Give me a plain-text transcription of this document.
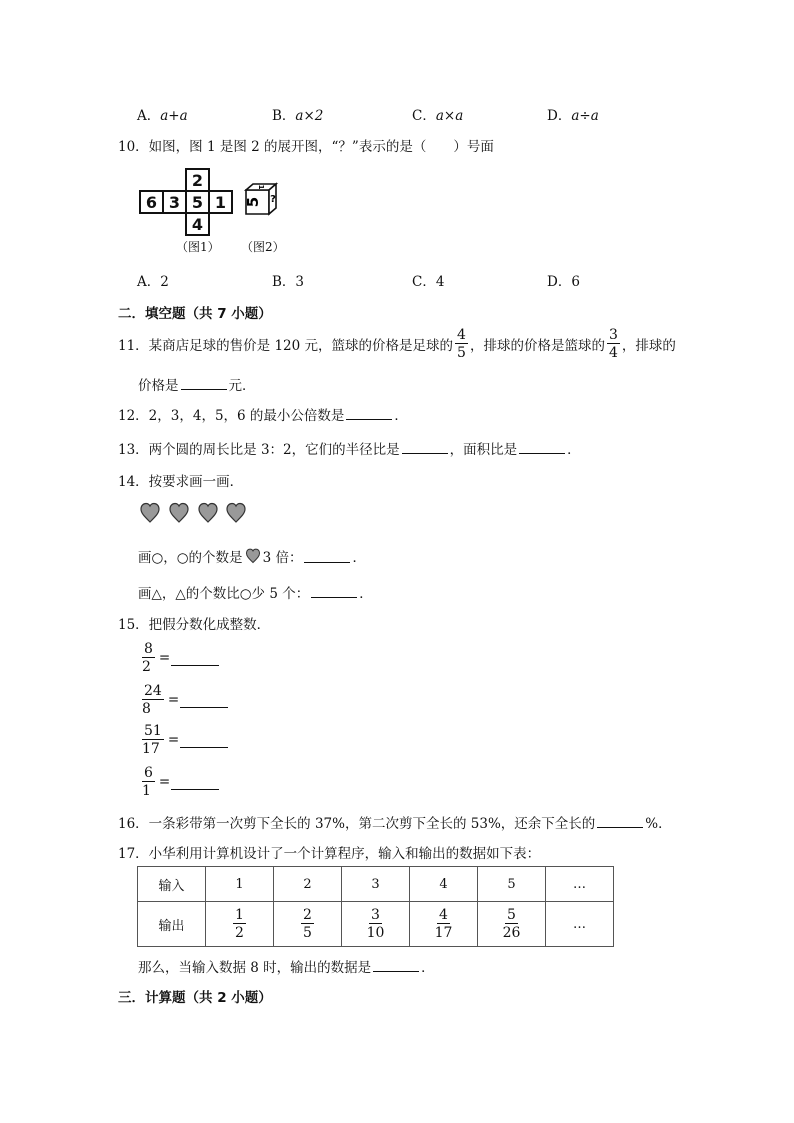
A．a+a	B．a×2	C．a×a	D．a÷a
10．如图，图 1 是图 2 的展开图，“？”表示的是（　　）号面
		2	
6	3	5	1
		4	
5
1
?
（图1） （图2）
A．2	B．3	C．4	D．6
二．填空题（共 7 小题）
11．某商店足球的售价是 120 元，篮球的价格是足球的 $\frac{4}{5}$ ，排球的价格是篮球的 $\frac{3}{4}$ ，排球的
价格是	元．
12．2，3，4，5，6 的最小公倍数是	．
13．两个圆的周长比是 3：2，它们的半径比是	，面积比是	．
14．按要求画一画．
画○，○的个数是 3 倍：	．
画△，△的个数比○少 5 个：	．
15．把假分数化成整数．
$\frac{8}{2}$ =
$\frac{24}{8}$ =
$\frac{51}{17}$ =
$\frac{6}{1}$ =
16．一条彩带第一次剪下全长的 37%，第二次剪下全长的 53%，还余下全长的	%．
17．小华利用计算机设计了一个计算程序，输入和输出的数据如下表：
输入	1	2	3	4	5	…
输出	$\frac{1}{2}$	$\frac{2}{5}$	$\frac{3}{10}$	$\frac{4}{17}$	$\frac{5}{26}$	…
那么，当输入数据 8 时，输出的数据是	．
三．计算题（共 2 小题）
